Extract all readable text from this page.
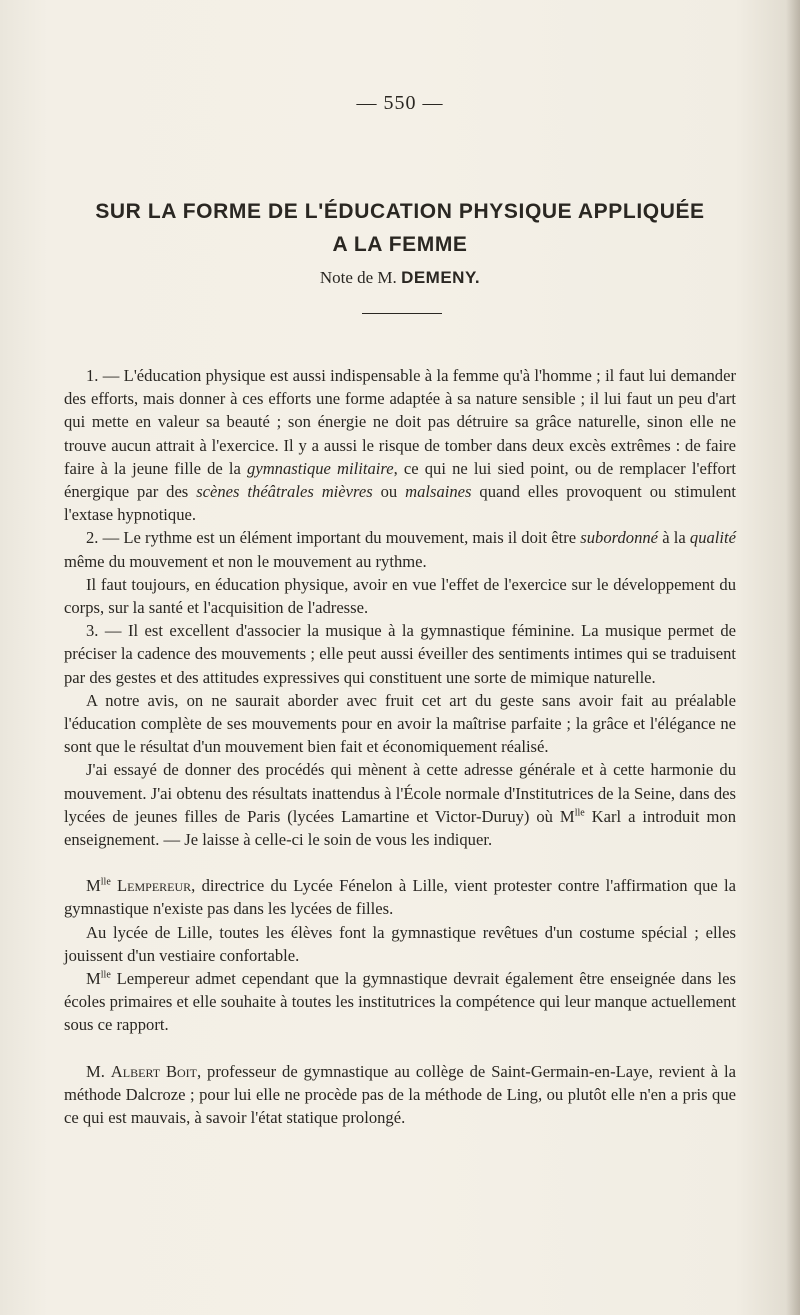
— 550 —
SUR LA FORME DE L'ÉDUCATION PHYSIQUE APPLIQUÉE
A LA FEMME
Note de M. DEMENY.

1. — L'éducation physique est aussi indispensable à la femme qu'à l'homme ; il faut lui demander des efforts, mais donner à ces efforts une forme adaptée à sa nature sensible ; il lui faut un peu d'art qui mette en valeur sa beauté ; son énergie ne doit pas détruire sa grâce naturelle, sinon elle ne trouve aucun attrait à l'exercice. Il y a aussi le risque de tomber dans deux excès extrêmes : de faire faire à la jeune fille de la gymnastique militaire, ce qui ne lui sied point, ou de remplacer l'effort énergique par des scènes théâtrales mièvres ou malsaines quand elles provoquent ou stimulent l'extase hypnotique.

2. — Le rythme est un élément important du mouvement, mais il doit être subordonné à la qualité même du mouvement et non le mouvement au rythme.

Il faut toujours, en éducation physique, avoir en vue l'effet de l'exercice sur le développement du corps, sur la santé et l'acquisition de l'adresse.

3. — Il est excellent d'associer la musique à la gymnastique féminine. La musique permet de préciser la cadence des mouvements ; elle peut aussi éveiller des sentiments intimes qui se traduisent par des gestes et des attitudes expressives qui constituent une sorte de mimique naturelle.

A notre avis, on ne saurait aborder avec fruit cet art du geste sans avoir fait au préalable l'éducation complète de ses mouvements pour en avoir la maîtrise parfaite ; la grâce et l'élégance ne sont que le résultat d'un mouvement bien fait et économiquement réalisé.

J'ai essayé de donner des procédés qui mènent à cette adresse générale et à cette harmonie du mouvement. J'ai obtenu des résultats inattendus à l'École normale d'Institutrices de la Seine, dans des lycées de jeunes filles de Paris (lycées Lamartine et Victor-Duruy) où $M^{lle}$ Karl a introduit mon enseignement. — Je laisse à celle-ci le soin de vous les indiquer.

$M^{lle}$ Lempereur, directrice du Lycée Fénelon à Lille, vient protester contre l'affirmation que la gymnastique n'existe pas dans les lycées de filles.

Au lycée de Lille, toutes les élèves font la gymnastique revêtues d'un costume spécial ; elles jouissent d'un vestiaire confortable.

$M^{lle}$ Lempereur admet cependant que la gymnastique devrait également être enseignée dans les écoles primaires et elle souhaite à toutes les institutrices la compétence qui leur manque actuellement sous ce rapport.

M. Albert Boit, professeur de gymnastique au collège de Saint-Germain-en-Laye, revient à la méthode Dalcroze ; pour lui elle ne procède pas de la méthode de Ling, ou plutôt elle n'en a pris que ce qui est mauvais, à savoir l'état statique prolongé.
